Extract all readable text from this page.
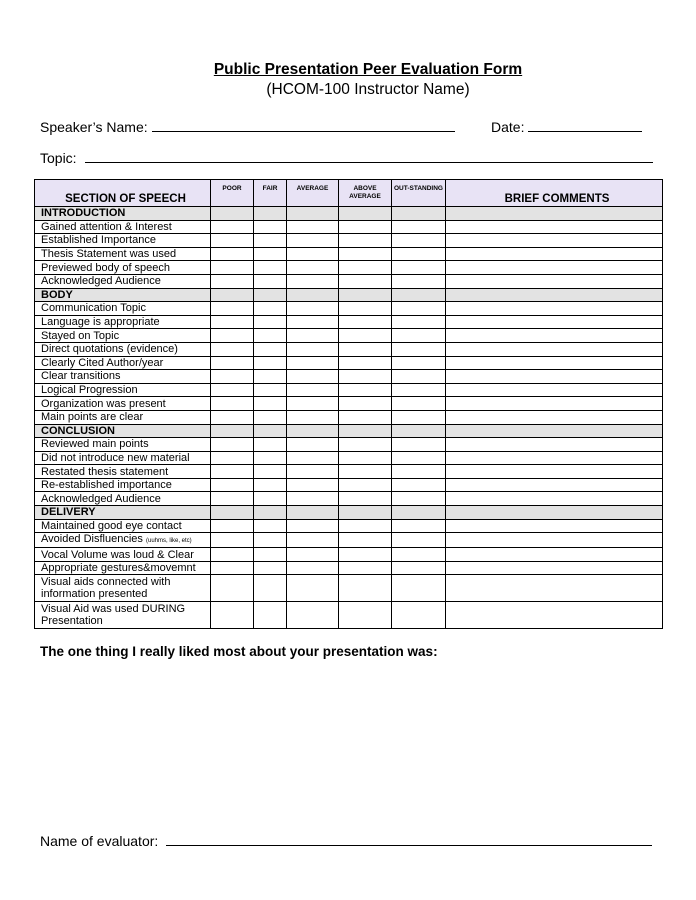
Public Presentation Peer Evaluation Form
(HCOM-100 Instructor Name)
Speaker’s Name:	Date:
Topic:
SECTION OF SPEECH	POOR	FAIR	AVERAGE	ABOVE AVERAGE	OUT-STANDING	BRIEF COMMENTS
INTRODUCTION						
Gained attention & Interest						
Established Importance						
Thesis Statement was used						
Previewed body of speech						
Acknowledged Audience						
BODY						
Communication Topic						
Language is appropriate						
Stayed on Topic						
Direct quotations (evidence)						
Clearly Cited Author/year						
Clear transitions						
Logical Progression						
Organization was present						
Main points are clear						
CONCLUSION						
Reviewed main points						
Did not introduce new material						
Restated thesis statement						
Re-established importance						
Acknowledged Audience						
DELIVERY						
Maintained good eye contact						
Avoided Disfluencies (uuhms, like, etc)						
Vocal Volume was loud & Clear						
Appropriate gestures&movemnt						
Visual aids connected with information presented						
Visual Aid was used DURING Presentation						
The one thing I really liked most about your presentation was:
Name of evaluator:
